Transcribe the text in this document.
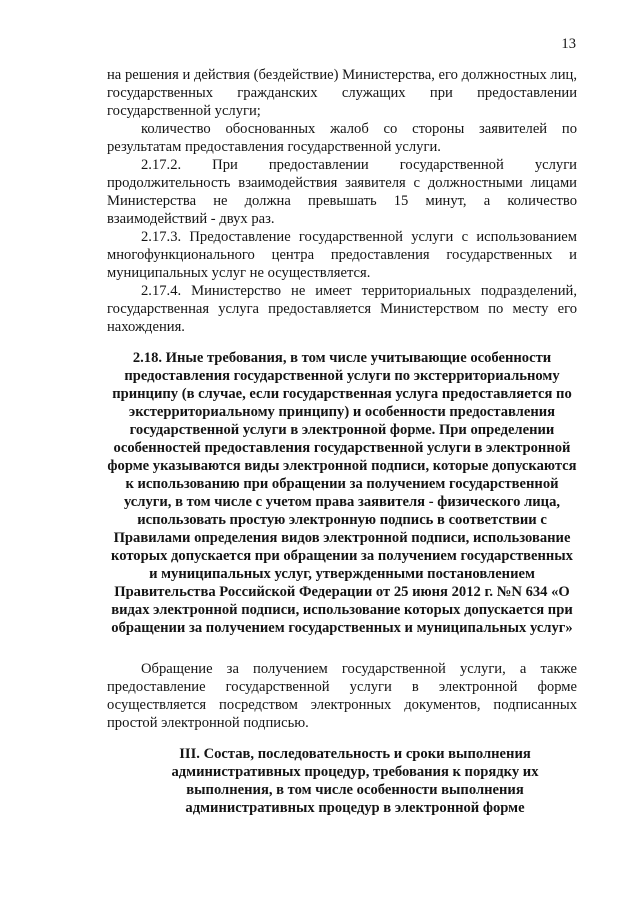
13

на решения и действия (бездействие) Министерства, его должностных лиц, государственных гражданских служащих при предоставлении государственной услуги;

количество обоснованных жалоб со стороны заявителей по результатам предоставления государственной услуги.

2.17.2. При предоставлении государственной услуги продолжительность взаимодействия заявителя с должностными лицами Министерства не должна превышать 15 минут, а количество взаимодействий - двух раз.

2.17.3. Предоставление государственной услуги с использованием многофункционального центра предоставления государственных и муниципальных услуг не осуществляется.

2.17.4. Министерство не имеет территориальных подразделений, государственная услуга предоставляется Министерством по месту его нахождения.

2.18. Иные требования, в том числе учитывающие особенности предоставления государственной услуги по экстерриториальному принципу (в случае, если государственная услуга предоставляется по экстерриториальному принципу) и особенности предоставления государственной услуги в электронной форме. При определении особенностей предоставления государственной услуги в электронной форме указываются виды электронной подписи, которые допускаются к использованию при обращении за получением государственной услуги, в том числе с учетом права заявителя - физического лица, использовать простую электронную подпись в соответствии с Правилами определения видов электронной подписи, использование которых допускается при обращении за получением государственных и муниципальных услуг, утвержденными постановлением Правительства Российской Федерации от 25 июня 2012 г. №N 634 «О видах электронной подписи, использование которых допускается при обращении за получением государственных и муниципальных услуг»

Обращение за получением государственной услуги, а также предоставление государственной услуги в электронной форме осуществляется посредством электронных документов, подписанных простой электронной подписью.

III. Состав, последовательность и сроки выполнения административных процедур, требования к порядку их выполнения, в том числе особенности выполнения административных процедур в электронной форме
